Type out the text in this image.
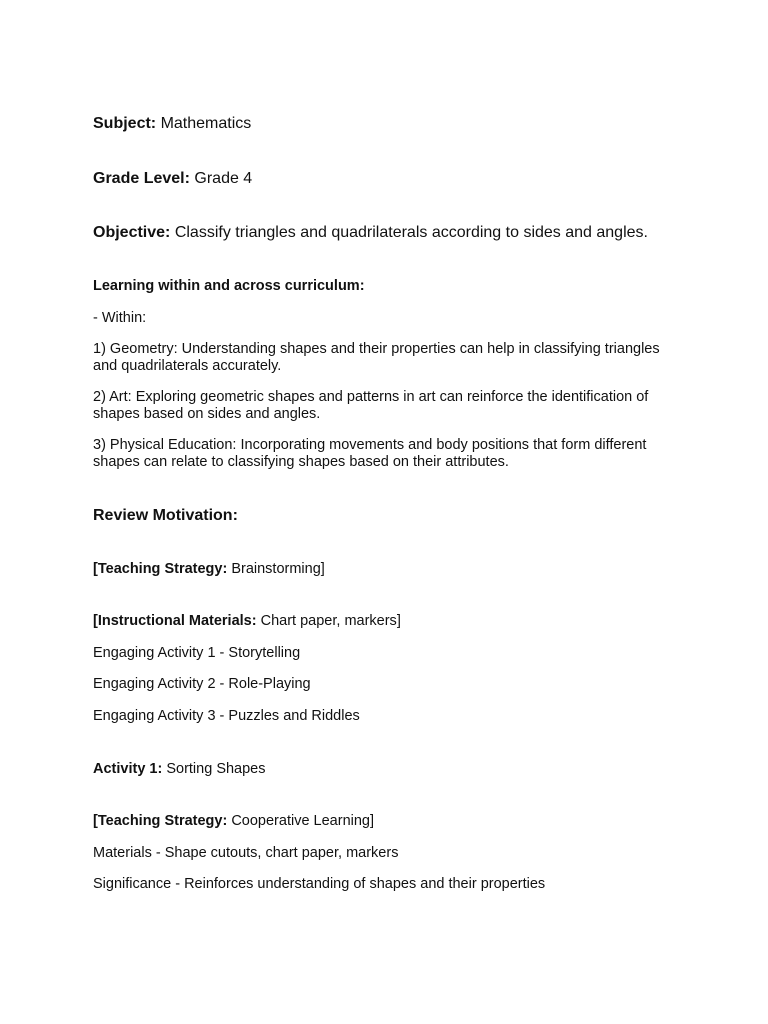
Subject: Mathematics
Grade Level: Grade 4
Objective: Classify triangles and quadrilaterals according to sides and angles.
Learning within and across curriculum:
- Within:
1) Geometry: Understanding shapes and their properties can help in classifying triangles and quadrilaterals accurately.
2) Art: Exploring geometric shapes and patterns in art can reinforce the identification of shapes based on sides and angles.
3) Physical Education: Incorporating movements and body positions that form different shapes can relate to classifying shapes based on their attributes.
Review Motivation:
[Teaching Strategy: Brainstorming]
[Instructional Materials: Chart paper, markers]
Engaging Activity 1 - Storytelling
Engaging Activity 2 - Role-Playing
Engaging Activity 3 - Puzzles and Riddles
Activity 1: Sorting Shapes
[Teaching Strategy: Cooperative Learning]
Materials - Shape cutouts, chart paper, markers
Significance - Reinforces understanding of shapes and their properties
